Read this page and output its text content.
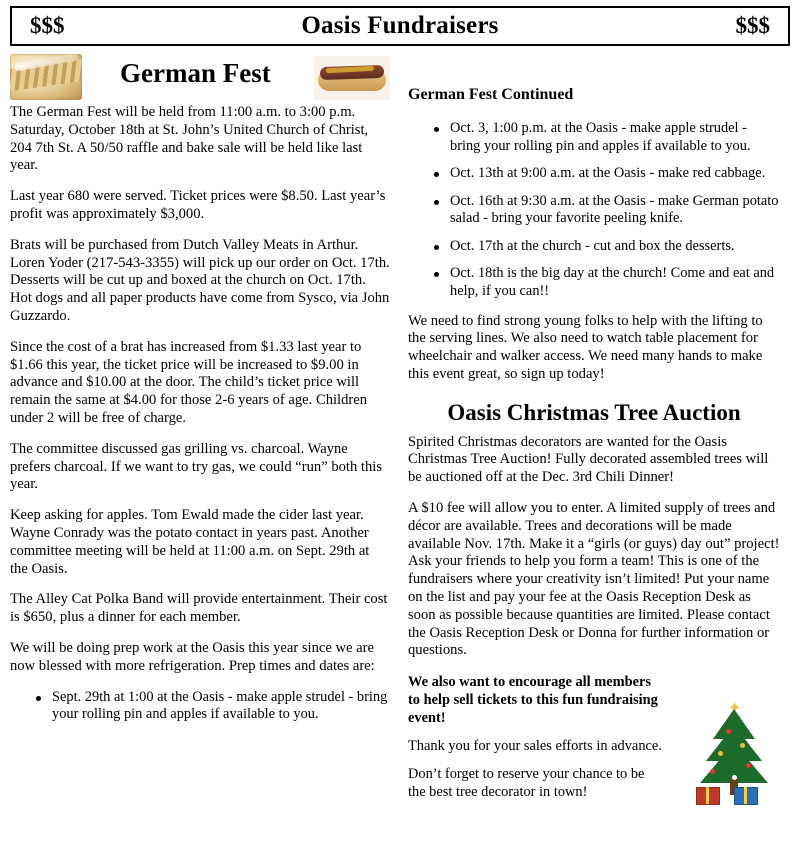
$$$	Oasis Fundraisers	$$$
German Fest

The German Fest will be held from 11:00 a.m. to 3:00 p.m. Saturday, October 18th at St. John’s United Church of Christ, 204 7th St. A 50/50 raffle and bake sale will be held like last year.

Last year 680 were served. Ticket prices were $8.50. Last year’s profit was approximately $3,000.

Brats will be purchased from Dutch Valley Meats in Arthur. Loren Yoder (217-543-3355) will pick up our order on Oct. 17th. Desserts will be cut up and boxed at the church on Oct. 17th. Hot dogs and all paper products have come from Sysco, via John Guzzardo.

Since the cost of a brat has increased from $1.33 last year to $1.66 this year, the ticket price will be increased to $9.00 in advance and $10.00 at the door. The child’s ticket price will remain the same at $4.00 for those 2-6 years of age. Children under 2 will be free of charge.

The committee discussed gas grilling vs. charcoal. Wayne prefers charcoal. If we want to try gas, we could “run” both this year.

Keep asking for apples. Tom Ewald made the cider last year. Wayne Conrady was the potato contact in years past. Another committee meeting will be held at 11:00 a.m. on Sept. 29th at the Oasis.

The Alley Cat Polka Band will provide entertainment. Their cost is $650, plus a dinner for each member.

We will be doing prep work at the Oasis this year since we are now blessed with more refrigeration. Prep times and dates are:

Sept. 29th at 1:00 at the Oasis - make apple strudel - bring your rolling pin and apples if available to you.

German Fest Continued

Oct. 3, 1:00 p.m. at the Oasis - make apple strudel - bring your rolling pin and apples if available to you.
Oct. 13th at 9:00 a.m. at the Oasis - make red cabbage.
Oct. 16th at 9:30 a.m. at the Oasis - make German potato salad - bring your favorite peeling knife.
Oct. 17th at the church - cut and box the desserts.
Oct. 18th is the big day at the church! Come and eat and help, if you can!!

We need to find strong young folks to help with the lifting to the serving lines. We also need to watch table placement for wheelchair and walker access. We need many hands to make this event great, so sign up today!

Oasis Christmas Tree Auction

Spirited Christmas decorators are wanted for the Oasis Christmas Tree Auction! Fully decorated assembled trees will be auctioned off at the Dec. 3rd Chili Dinner!

A $10 fee will allow you to enter. A limited supply of trees and décor are available. Trees and decorations will be made available Nov. 17th. Make it a “girls (or guys) day out” project! Ask your friends to help you form a team! This is one of the fundraisers where your creativity isn’t limited! Put your name on the list and pay your fee at the Oasis Reception Desk as soon as possible because quantities are limited. Please contact the Oasis Reception Desk or Donna for further information or questions.

We also want to encourage all members to help sell tickets to this fun fundraising event!

Thank you for your sales efforts in advance.

Don’t forget to reserve your chance to be the best tree decorator in town!

✦
